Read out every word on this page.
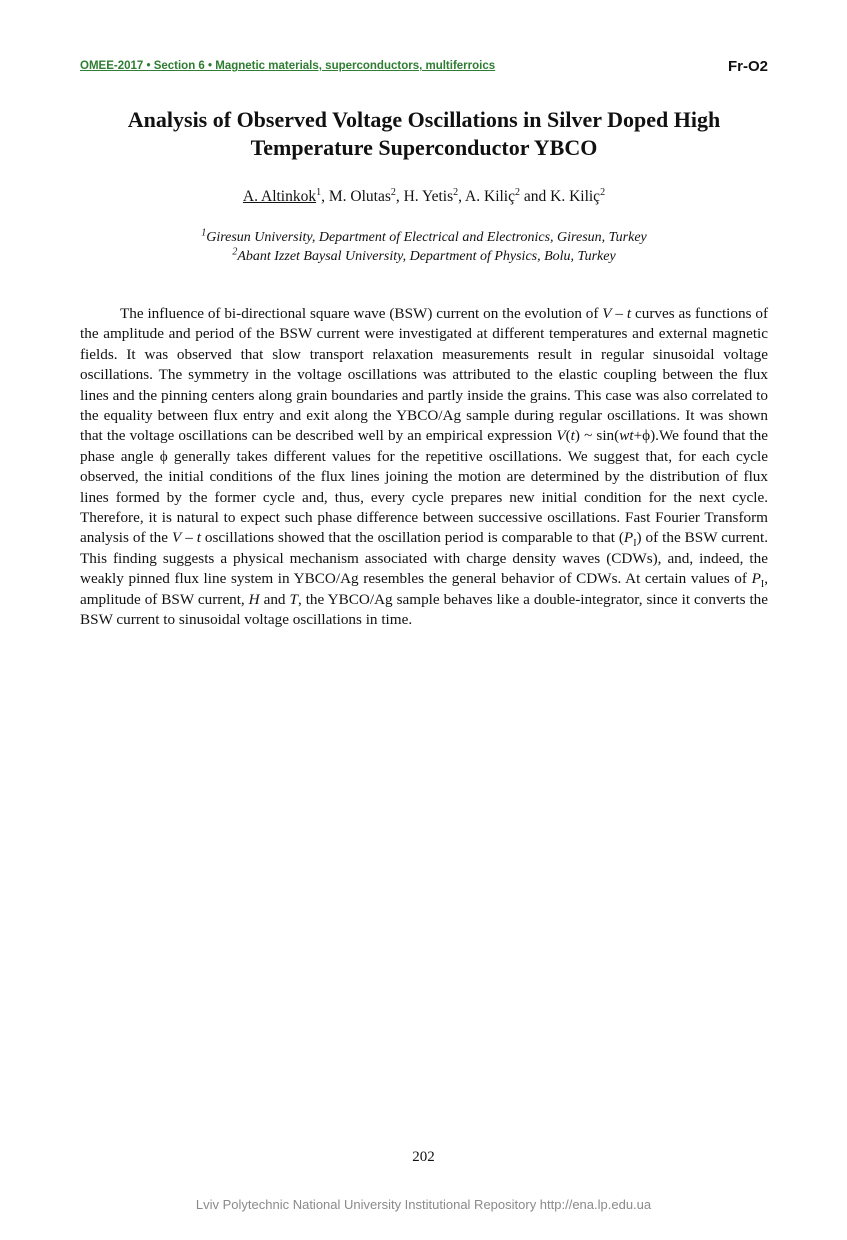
OMEE-2017 • Section 6 • Magnetic materials, superconductors, multiferroics	Fr-O2
Analysis of Observed Voltage Oscillations in Silver Doped High
Temperature Superconductor YBCO
A. Altinkok$^1$, M. Olutas$^2$, H. Yetis$^2$, A. Kiliç$^2$ and K. Kiliç$^2$
$^1$Giresun University, Department of Electrical and Electronics, Giresun, Turkey
$^2$Abant Izzet Baysal University, Department of Physics, Bolu, Turkey

The influence of bi-directional square wave (BSW) current on the evolution of V – t curves as functions of the amplitude and period of the BSW current were investigated at different temperatures and external magnetic fields. It was observed that slow transport relaxation measurements result in regular sinusoidal voltage oscillations. The symmetry in the voltage oscillations was attributed to the elastic coupling between the flux lines and the pinning centers along grain boundaries and partly inside the grains. This case was also correlated to the equality between flux entry and exit along the YBCO/Ag sample during regular oscillations. It was shown that the voltage oscillations can be described well by an empirical expression V(t) ~ sin(wt+ϕ).We found that the phase angle ϕ generally takes different values for the repetitive oscillations. We suggest that, for each cycle observed, the initial conditions of the flux lines joining the motion are determined by the distribution of flux lines formed by the former cycle and, thus, every cycle prepares new initial condition for the next cycle. Therefore, it is natural to expect such phase difference between successive oscillations. Fast Fourier Transform analysis of the V – t oscillations showed that the oscillation period is comparable to that $(P_I)$ of the BSW current. This finding suggests a physical mechanism associated with charge density waves (CDWs), and, indeed, the weakly pinned flux line system in YBCO/Ag resembles the general behavior of CDWs. At certain values of $P_I$, amplitude of BSW current, H and T, the YBCO/Ag sample behaves like a double-integrator, since it converts the BSW current to sinusoidal voltage oscillations in time.

202
Lviv Polytechnic National University Institutional Repository http://ena.lp.edu.ua
